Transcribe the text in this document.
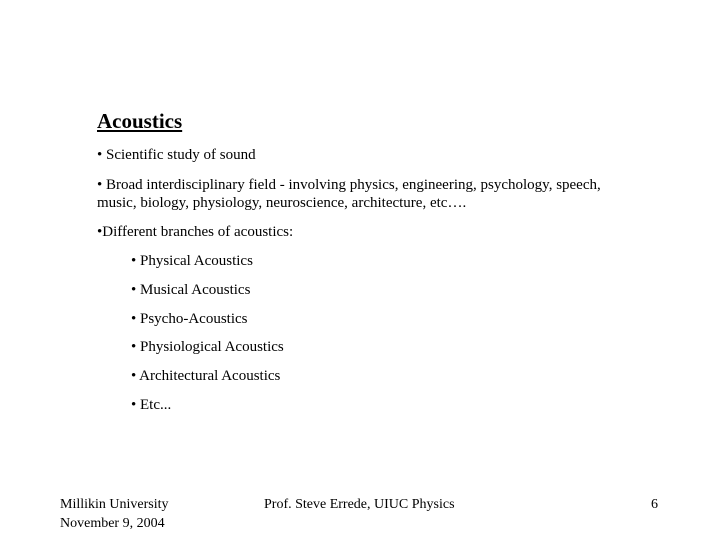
Acoustics
• Scientific study of sound
• Broad interdisciplinary field - involving physics, engineering, psychology, speech,
music, biology, physiology, neuroscience, architecture, etc….
•Different branches of acoustics:
• Physical Acoustics
• Musical Acoustics
• Psycho-Acoustics
• Physiological Acoustics
• Architectural Acoustics
• Etc...
Millikin University
November 9, 2004
Prof. Steve Errede, UIUC Physics	6
